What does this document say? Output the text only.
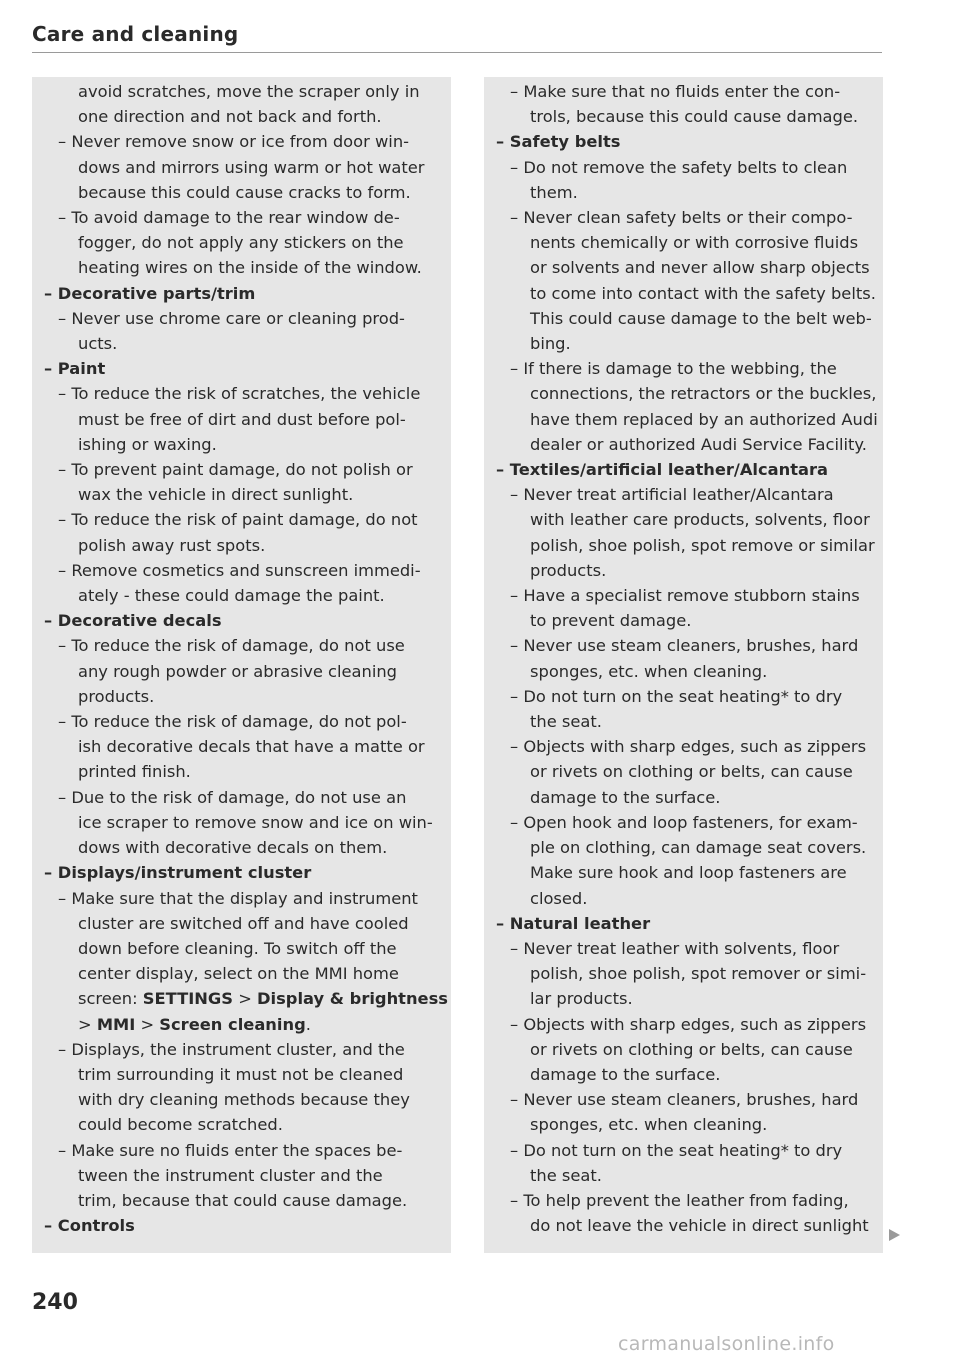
Care and cleaning
avoid scratches, move the scraper only in
one direction and not back and forth.
– Never remove snow or ice from door win-
dows and mirrors using warm or hot water
because this could cause cracks to form.
– To avoid damage to the rear window de-
fogger, do not apply any stickers on the
heating wires on the inside of the window.
– Decorative parts/trim
– Never use chrome care or cleaning prod-
ucts.
– Paint
– To reduce the risk of scratches, the vehicle
must be free of dirt and dust before pol-
ishing or waxing.
– To prevent paint damage, do not polish or
wax the vehicle in direct sunlight.
– To reduce the risk of paint damage, do not
polish away rust spots.
– Remove cosmetics and sunscreen immedi-
ately - these could damage the paint.
– Decorative decals
– To reduce the risk of damage, do not use
any rough powder or abrasive cleaning
products.
– To reduce the risk of damage, do not pol-
ish decorative decals that have a matte or
printed finish.
– Due to the risk of damage, do not use an
ice scraper to remove snow and ice on win-
dows with decorative decals on them.
– Displays/instrument cluster
– Make sure that the display and instrument
cluster are switched off and have cooled
down before cleaning. To switch off the
center display, select on the MMI home
screen: SETTINGS > Display & brightness
> MMI > Screen cleaning.
– Displays, the instrument cluster, and the
trim surrounding it must not be cleaned
with dry cleaning methods because they
could become scratched.
– Make sure no fluids enter the spaces be-
tween the instrument cluster and the
trim, because that could cause damage.
– Controls
– Make sure that no fluids enter the con-
trols, because this could cause damage.
– Safety belts
– Do not remove the safety belts to clean
them.
– Never clean safety belts or their compo-
nents chemically or with corrosive fluids
or solvents and never allow sharp objects
to come into contact with the safety belts.
This could cause damage to the belt web-
bing.
– If there is damage to the webbing, the
connections, the retractors or the buckles,
have them replaced by an authorized Audi
dealer or authorized Audi Service Facility.
– Textiles/artificial leather/Alcantara
– Never treat artificial leather/Alcantara
with leather care products, solvents, floor
polish, shoe polish, spot remove or similar
products.
– Have a specialist remove stubborn stains
to prevent damage.
– Never use steam cleaners, brushes, hard
sponges, etc. when cleaning.
– Do not turn on the seat heating* to dry
the seat.
– Objects with sharp edges, such as zippers
or rivets on clothing or belts, can cause
damage to the surface.
– Open hook and loop fasteners, for exam-
ple on clothing, can damage seat covers.
Make sure hook and loop fasteners are
closed.
– Natural leather
– Never treat leather with solvents, floor
polish, shoe polish, spot remover or simi-
lar products.
– Objects with sharp edges, such as zippers
or rivets on clothing or belts, can cause
damage to the surface.
– Never use steam cleaners, brushes, hard
sponges, etc. when cleaning.
– Do not turn on the seat heating* to dry
the seat.
– To help prevent the leather from fading,
do not leave the vehicle in direct sunlight
240
carmanualsonline.info
